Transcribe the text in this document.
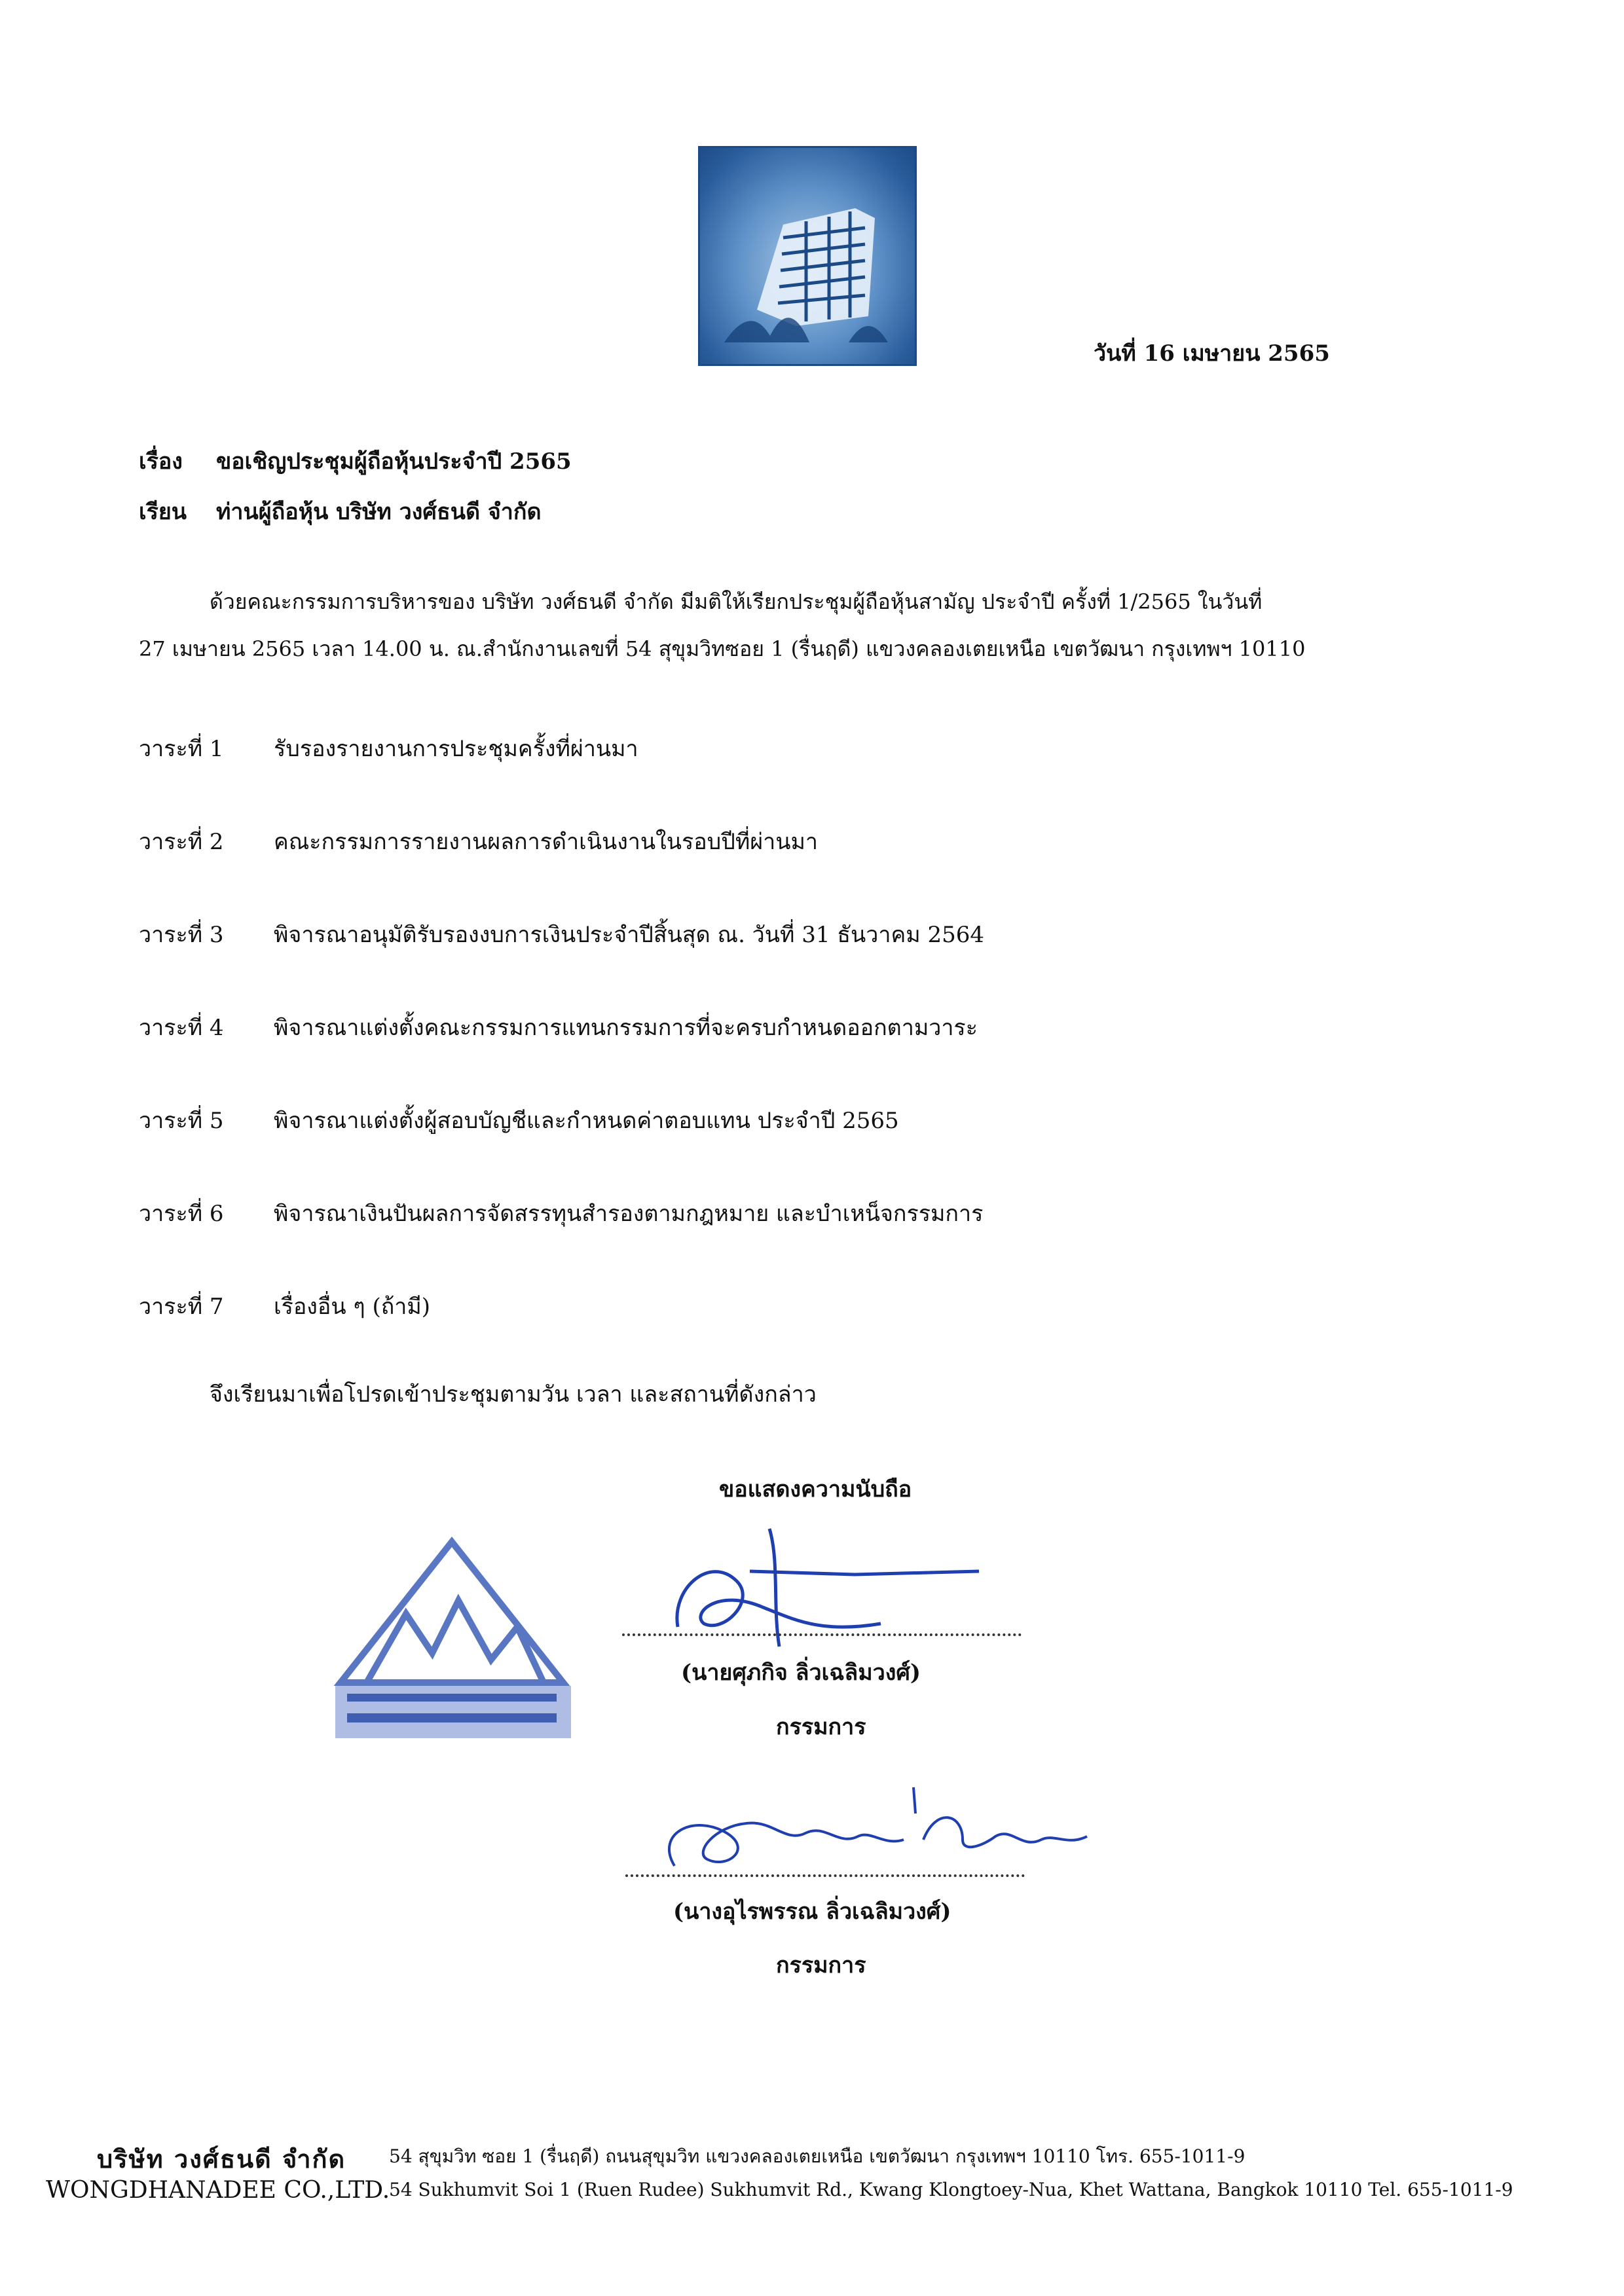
วันที่ 16 เมษายน 2565
เรื่อง ขอเชิญประชุมผู้ถือหุ้นประจำปี 2565
เรียน ท่านผู้ถือหุ้น บริษัท วงศ์ธนดี จำกัด
ด้วยคณะกรรมการบริหารของ บริษัท วงศ์ธนดี จำกัด มีมติให้เรียกประชุมผู้ถือหุ้นสามัญ ประจำปี ครั้งที่ 1/2565 ในวันที่
27 เมษายน 2565 เวลา 14.00 น. ณ.สำนักงานเลขที่ 54 สุขุมวิทซอย 1 (รื่นฤดี) แขวงคลองเตยเหนือ เขตวัฒนา กรุงเทพฯ 10110
วาระที่ 1 รับรองรายงานการประชุมครั้งที่ผ่านมา
วาระที่ 2 คณะกรรมการรายงานผลการดำเนินงานในรอบปีที่ผ่านมา
วาระที่ 3 พิจารณาอนุมัติรับรองงบการเงินประจำปีสิ้นสุด ณ. วันที่ 31 ธันวาคม 2564
วาระที่ 4 พิจารณาแต่งตั้งคณะกรรมการแทนกรรมการที่จะครบกำหนดออกตามวาระ
วาระที่ 5 พิจารณาแต่งตั้งผู้สอบบัญชีและกำหนดค่าตอบแทน ประจำปี 2565
วาระที่ 6 พิจารณาเงินปันผลการจัดสรรทุนสำรองตามกฎหมาย และบำเหน็จกรรมการ
วาระที่ 7 เรื่องอื่น ๆ (ถ้ามี)
จึงเรียนมาเพื่อโปรดเข้าประชุมตามวัน เวลา และสถานที่ดังกล่าว
ขอแสดงความนับถือ
(นายศุภกิจ ลิ่วเฉลิมวงศ์)
กรรมการ
(นางอุไรพรรณ ลิ่วเฉลิมวงศ์)
กรรมการ
บริษัท วงศ์ธนดี จำกัด
WONGDHANADEE CO.,LTD.
54 สุขุมวิท ซอย 1 (รื่นฤดี) ถนนสุขุมวิท แขวงคลองเตยเหนือ เขตวัฒนา กรุงเทพฯ 10110 โทร. 655-1011-9
54 Sukhumvit Soi 1 (Ruen Rudee) Sukhumvit Rd., Kwang Klongtoey-Nua, Khet Wattana, Bangkok 10110 Tel. 655-1011-9
